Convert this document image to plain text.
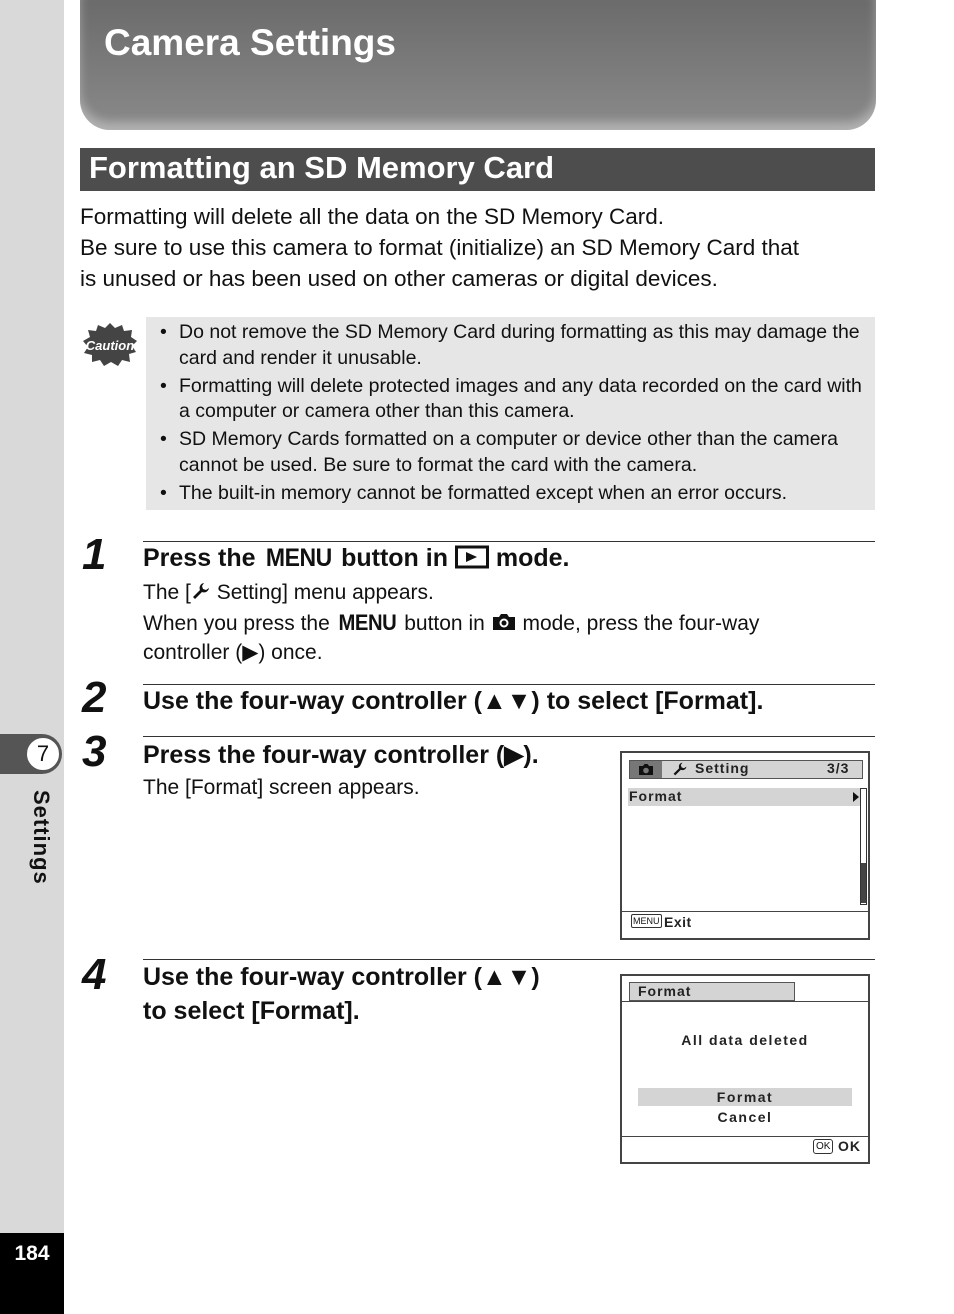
7
Settings
184
Camera Settings
Formatting an SD Memory Card
Formatting will delete all the data on the SD Memory Card.
Be sure to use this camera to format (initialize) an SD Memory Card that
is unused or has been used on other cameras or digital devices.
Caution
• Do not remove the SD Memory Card during formatting as this may damage the card and render it unusable.
• Formatting will delete protected images and any data recorded on the card with a computer or camera other than this camera.
• SD Memory Cards formatted on a computer or device other than the camera cannot be used. Be sure to format the card with the camera.
• The built-in memory cannot be formatted except when an error occurs.
1 Press the MENU button in  mode.
The [ Setting] menu appears.
When you press the MENU button in  mode, press the four-way
controller (▶) once.
2 Use the four-way controller (▲▼) to select [Format].
3 Press the four-way controller (▶).
The [Format] screen appears.
Setting	3/3
Format
MENU Exit
4 Use the four-way controller (▲▼)
to select [Format].
Format
All data deleted
Format
Cancel
OK OK
